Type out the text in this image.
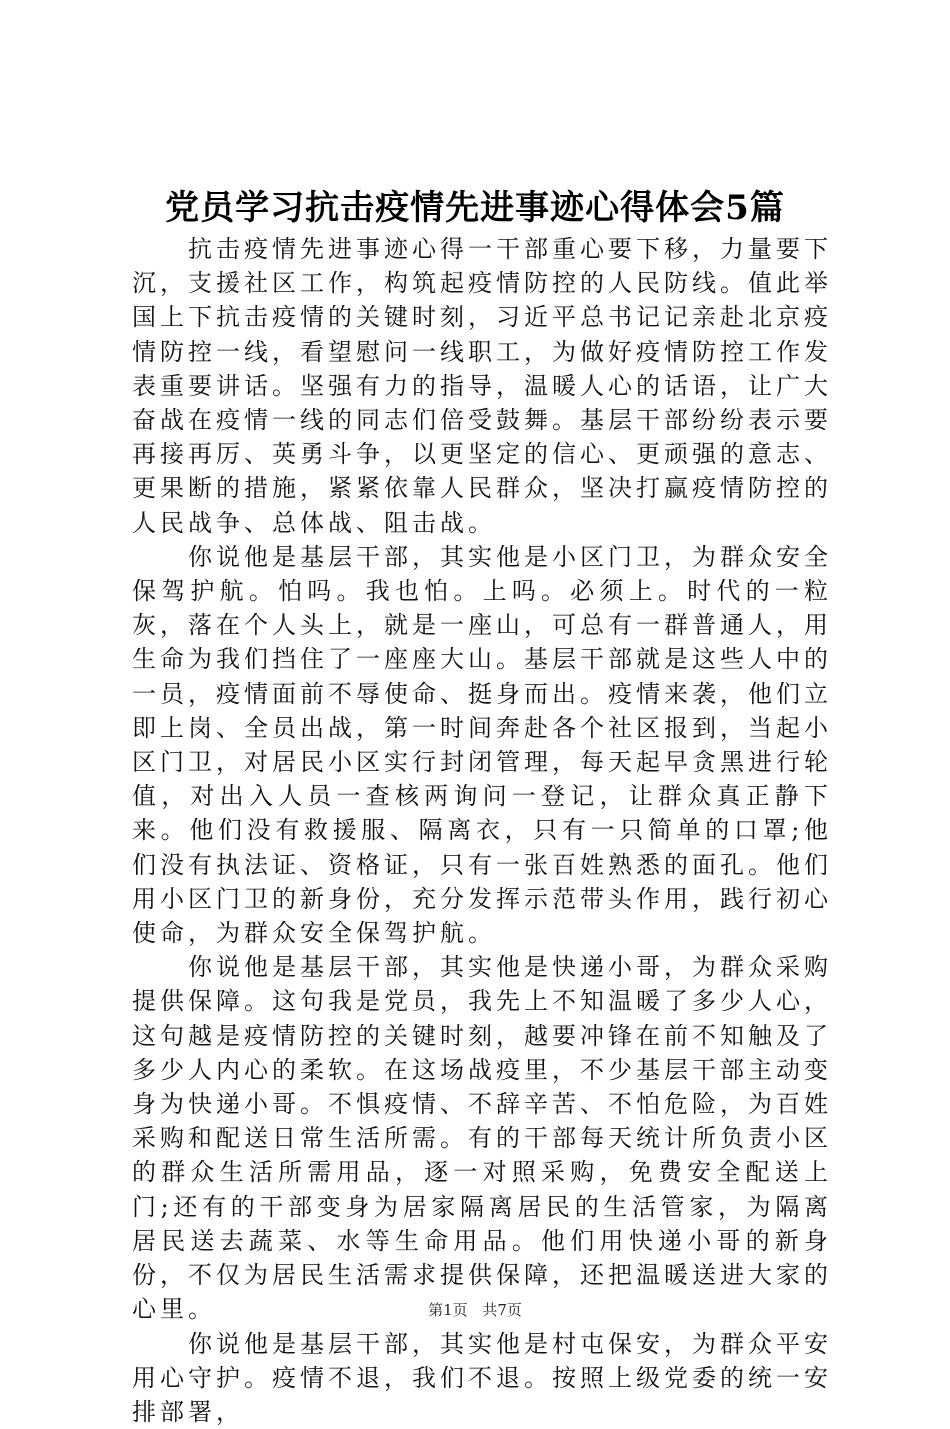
党员学习抗击疫情先进事迹心得体会5篇

抗击疫情先进事迹心得一干部重心要下移，力量要下沉，支援社区工作，构筑起疫情防控的人民防线。值此举国上下抗击疫情的关键时刻，习近平总书记记亲赴北京疫情防控一线，看望慰问一线职工，为做好疫情防控工作发表重要讲话。坚强有力的指导，温暖人心的话语，让广大奋战在疫情一线的同志们倍受鼓舞。基层干部纷纷表示要再接再厉、英勇斗争，以更坚定的信心、更顽强的意志、更果断的措施，紧紧依靠人民群众，坚决打赢疫情防控的人民战争、总体战、阻击战。

你说他是基层干部，其实他是小区门卫，为群众安全保驾护航。怕吗。我也怕。上吗。必须上。时代的一粒灰，落在个人头上，就是一座山，可总有一群普通人，用生命为我们挡住了一座座大山。基层干部就是这些人中的一员，疫情面前不辱使命、挺身而出。疫情来袭，他们立即上岗、全员出战，第一时间奔赴各个社区报到，当起小区门卫，对居民小区实行封闭管理，每天起早贪黑进行轮值，对出入人员一查核两询问一登记，让群众真正静下来。他们没有救援服、隔离衣，只有一只简单的口罩;他们没有执法证、资格证，只有一张百姓熟悉的面孔。他们用小区门卫的新身份，充分发挥示范带头作用，践行初心使命，为群众安全保驾护航。

你说他是基层干部，其实他是快递小哥，为群众采购提供保障。这句我是党员，我先上不知温暖了多少人心，这句越是疫情防控的关键时刻，越要冲锋在前不知触及了多少人内心的柔软。在这场战疫里，不少基层干部主动变身为快递小哥。不惧疫情、不辞辛苦、不怕危险，为百姓采购和配送日常生活所需。有的干部每天统计所负责小区的群众生活所需用品，逐一对照采购，免费安全配送上门;还有的干部变身为居家隔离居民的生活管家，为隔离居民送去蔬菜、水等生命用品。他们用快递小哥的新身份，不仅为居民生活需求提供保障，还把温暖送进大家的心里。

你说他是基层干部，其实他是村屯保安，为群众平安用心守护。疫情不退，我们不退。按照上级党委的统一安排部署，

第1页 共7页
